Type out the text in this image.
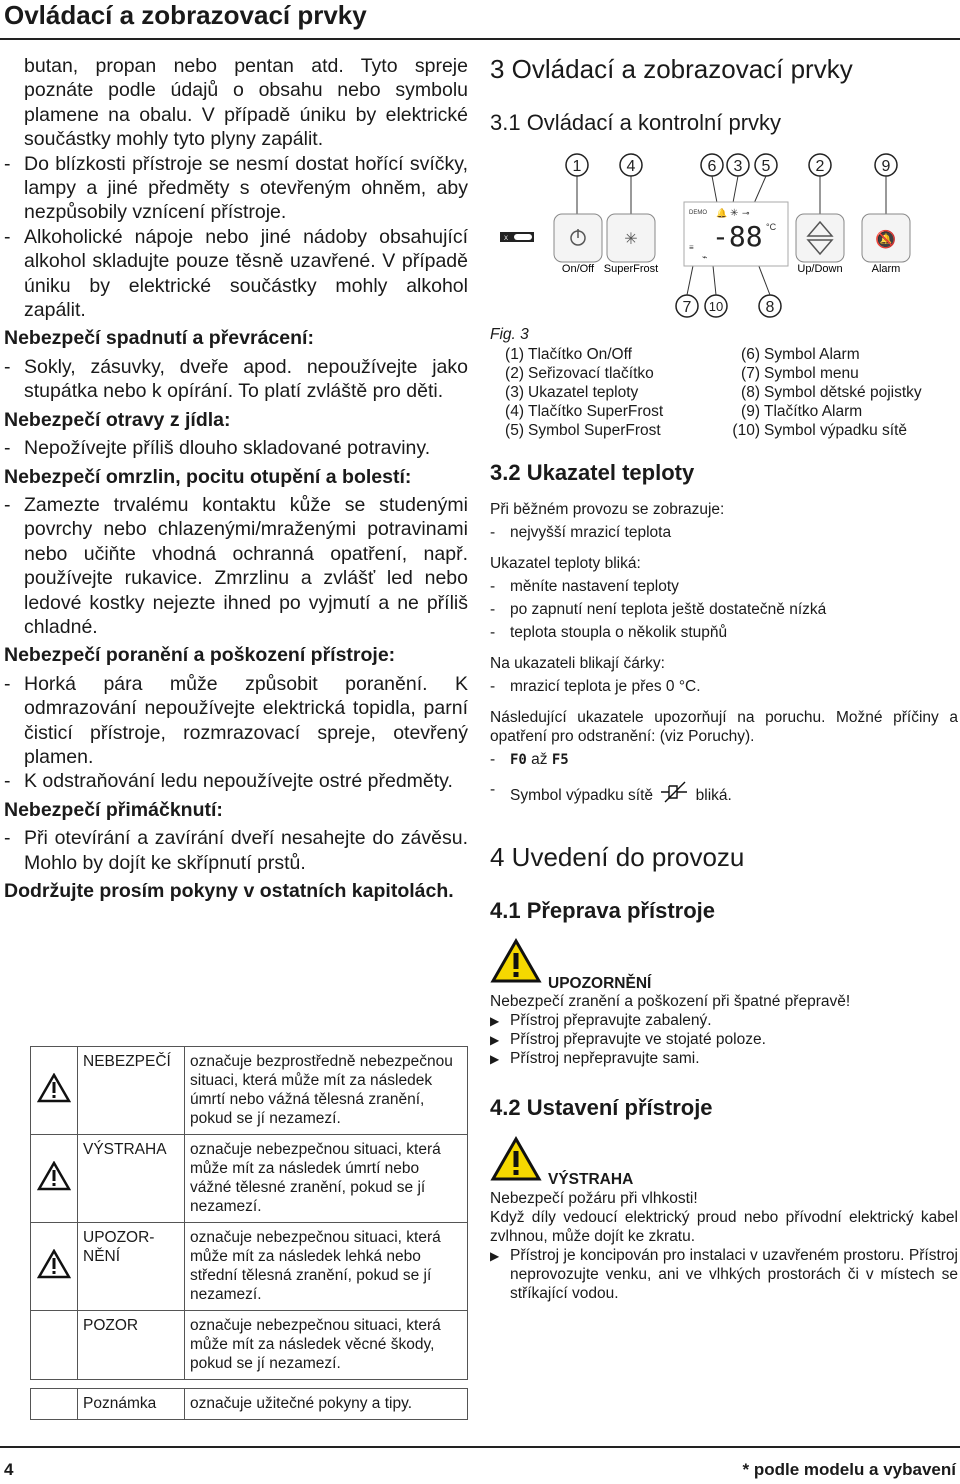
Ovládací a zobrazovací prvky

butan, propan nebo pentan atd. Tyto spreje poznáte podle údajů o obsahu nebo symbolu plamene na obalu. V případě úniku by elektrické součástky mohly tyto plyny zapálit.

- Do blízkosti přístroje se nesmí dostat hořící svíčky, lampy a jiné předměty s otevřeným ohněm, aby nezpůsobily vznícení přístroje.

- Alkoholické nápoje nebo jiné nádoby obsahující alkohol skladujte pouze těsně uzavřené. V případě úniku by elektrické součástky mohly alkohol zapálit.

Nebezpečí spadnutí a převrácení:

- Sokly, zásuvky, dveře apod. nepoužívejte jako stupátka nebo k opírání. To platí zvláště pro děti.

Nebezpečí otravy z jídla:

- Nepožívejte příliš dlouho skladované potraviny.

Nebezpečí omrzlin, pocitu otupění a bolestí:

- Zamezte trvalému kontaktu kůže se studenými povrchy nebo chlazenými/mraženými potravinami nebo učiňte vhodná ochranná opatření, např. používejte rukavice. Zmrzlinu a zvlášť led nebo ledové kostky nejezte ihned po vyjmutí a ne příliš chladné.

Nebezpečí poranění a poškození přístroje:

- Horká pára může způsobit poranění. K odmrazování nepoužívejte elektrická topidla, parní čisticí přístroje, rozmrazovací spreje, otevřený plamen.

- K odstraňování ledu nepoužívejte ostré předměty.

Nebezpečí přimáčknutí:

- Při otevírání a zavírání dveří nesahejte do závěsu. Mohlo by dojít ke skřípnutí prstů.

Dodržujte prosím pokyny v ostatních kapitolách.
	NEBEZPEČÍ	označuje bezprostředně nebezpečnou situaci, která může mít za následek úmrtí nebo vážná tělesná zranění, pokud se jí nezamezí.
	VÝSTRAHA	označuje nebezpečnou situaci, která může mít za následek úmrtí nebo vážné tělesné zranění, pokud se jí nezamezí.
	UPOZOR-NĚNÍ	označuje nebezpečnou situaci, která může mít za následek lehká nebo střední tělesná zranění, pokud se jí nezamezí.
	POZOR	označuje nebezpečnou situaci, která může mít za následek věcné škody, pokud se jí nezamezí.

	Poznámka	označuje užitečné pokyny a tipy.
3 Ovládací a zobrazovací prvky
3.1 Ovládací a kontrolní prvky
1	4	6 3 5	2	9
7 10	8
X
On/Off
✳
SuperFrost
DEMO 🔔 ✳ ⊸
-88 °C
≡
⌁
Up/Down
🔕
Alarm
Fig. 3
(1) Tlačítko On/Off	(6) Symbol Alarm
(2) Seřizovací tlačítko	(7) Symbol menu
(3) Ukazatel teploty	(8) Symbol dětské pojistky
(4) Tlačítko SuperFrost	(9) Tlačítko Alarm
(5) Symbol SuperFrost	(10) Symbol výpadku sítě
3.2 Ukazatel teploty

Při běžném provozu se zobrazuje:

- nejvyšší mrazicí teplota

Ukazatel teploty bliká:

- měníte nastavení teploty

- po zapnutí není teplota ještě dostatečně nízká

- teplota stoupla o několik stupňů

Na ukazateli blikají čárky:

- mrazicí teplota je přes 0 °C.

Následující ukazatele upozorňují na poruchu. Možné příčiny a opatření pro odstranění: (viz Poruchy).

- F0 až F5

- Symbol výpadku sítě	bliká.

4 Uvedení do provozu
4.1 Přeprava přístroje
UPOZORNĚNÍ

Nebezpečí zranění a poškození při špatné přepravě!

▶ Přístroj přepravujte zabalený.

▶ Přístroj přepravujte ve stojaté poloze.

▶ Přístroj nepřepravujte sami.

4.2 Ustavení přístroje
VÝSTRAHA

Nebezpečí požáru při vlhkosti!

Když díly vedoucí elektrický proud nebo přívodní elektrický kabel zvlhnou, může dojít ke zkratu.

▶ Přístroj je koncipován pro instalaci v uzavřeném prostoru. Přístroj neprovozujte venku, ani ve vlhkých prostorách či v místech se stříkající vodou.

4	* podle modelu a vybavení
